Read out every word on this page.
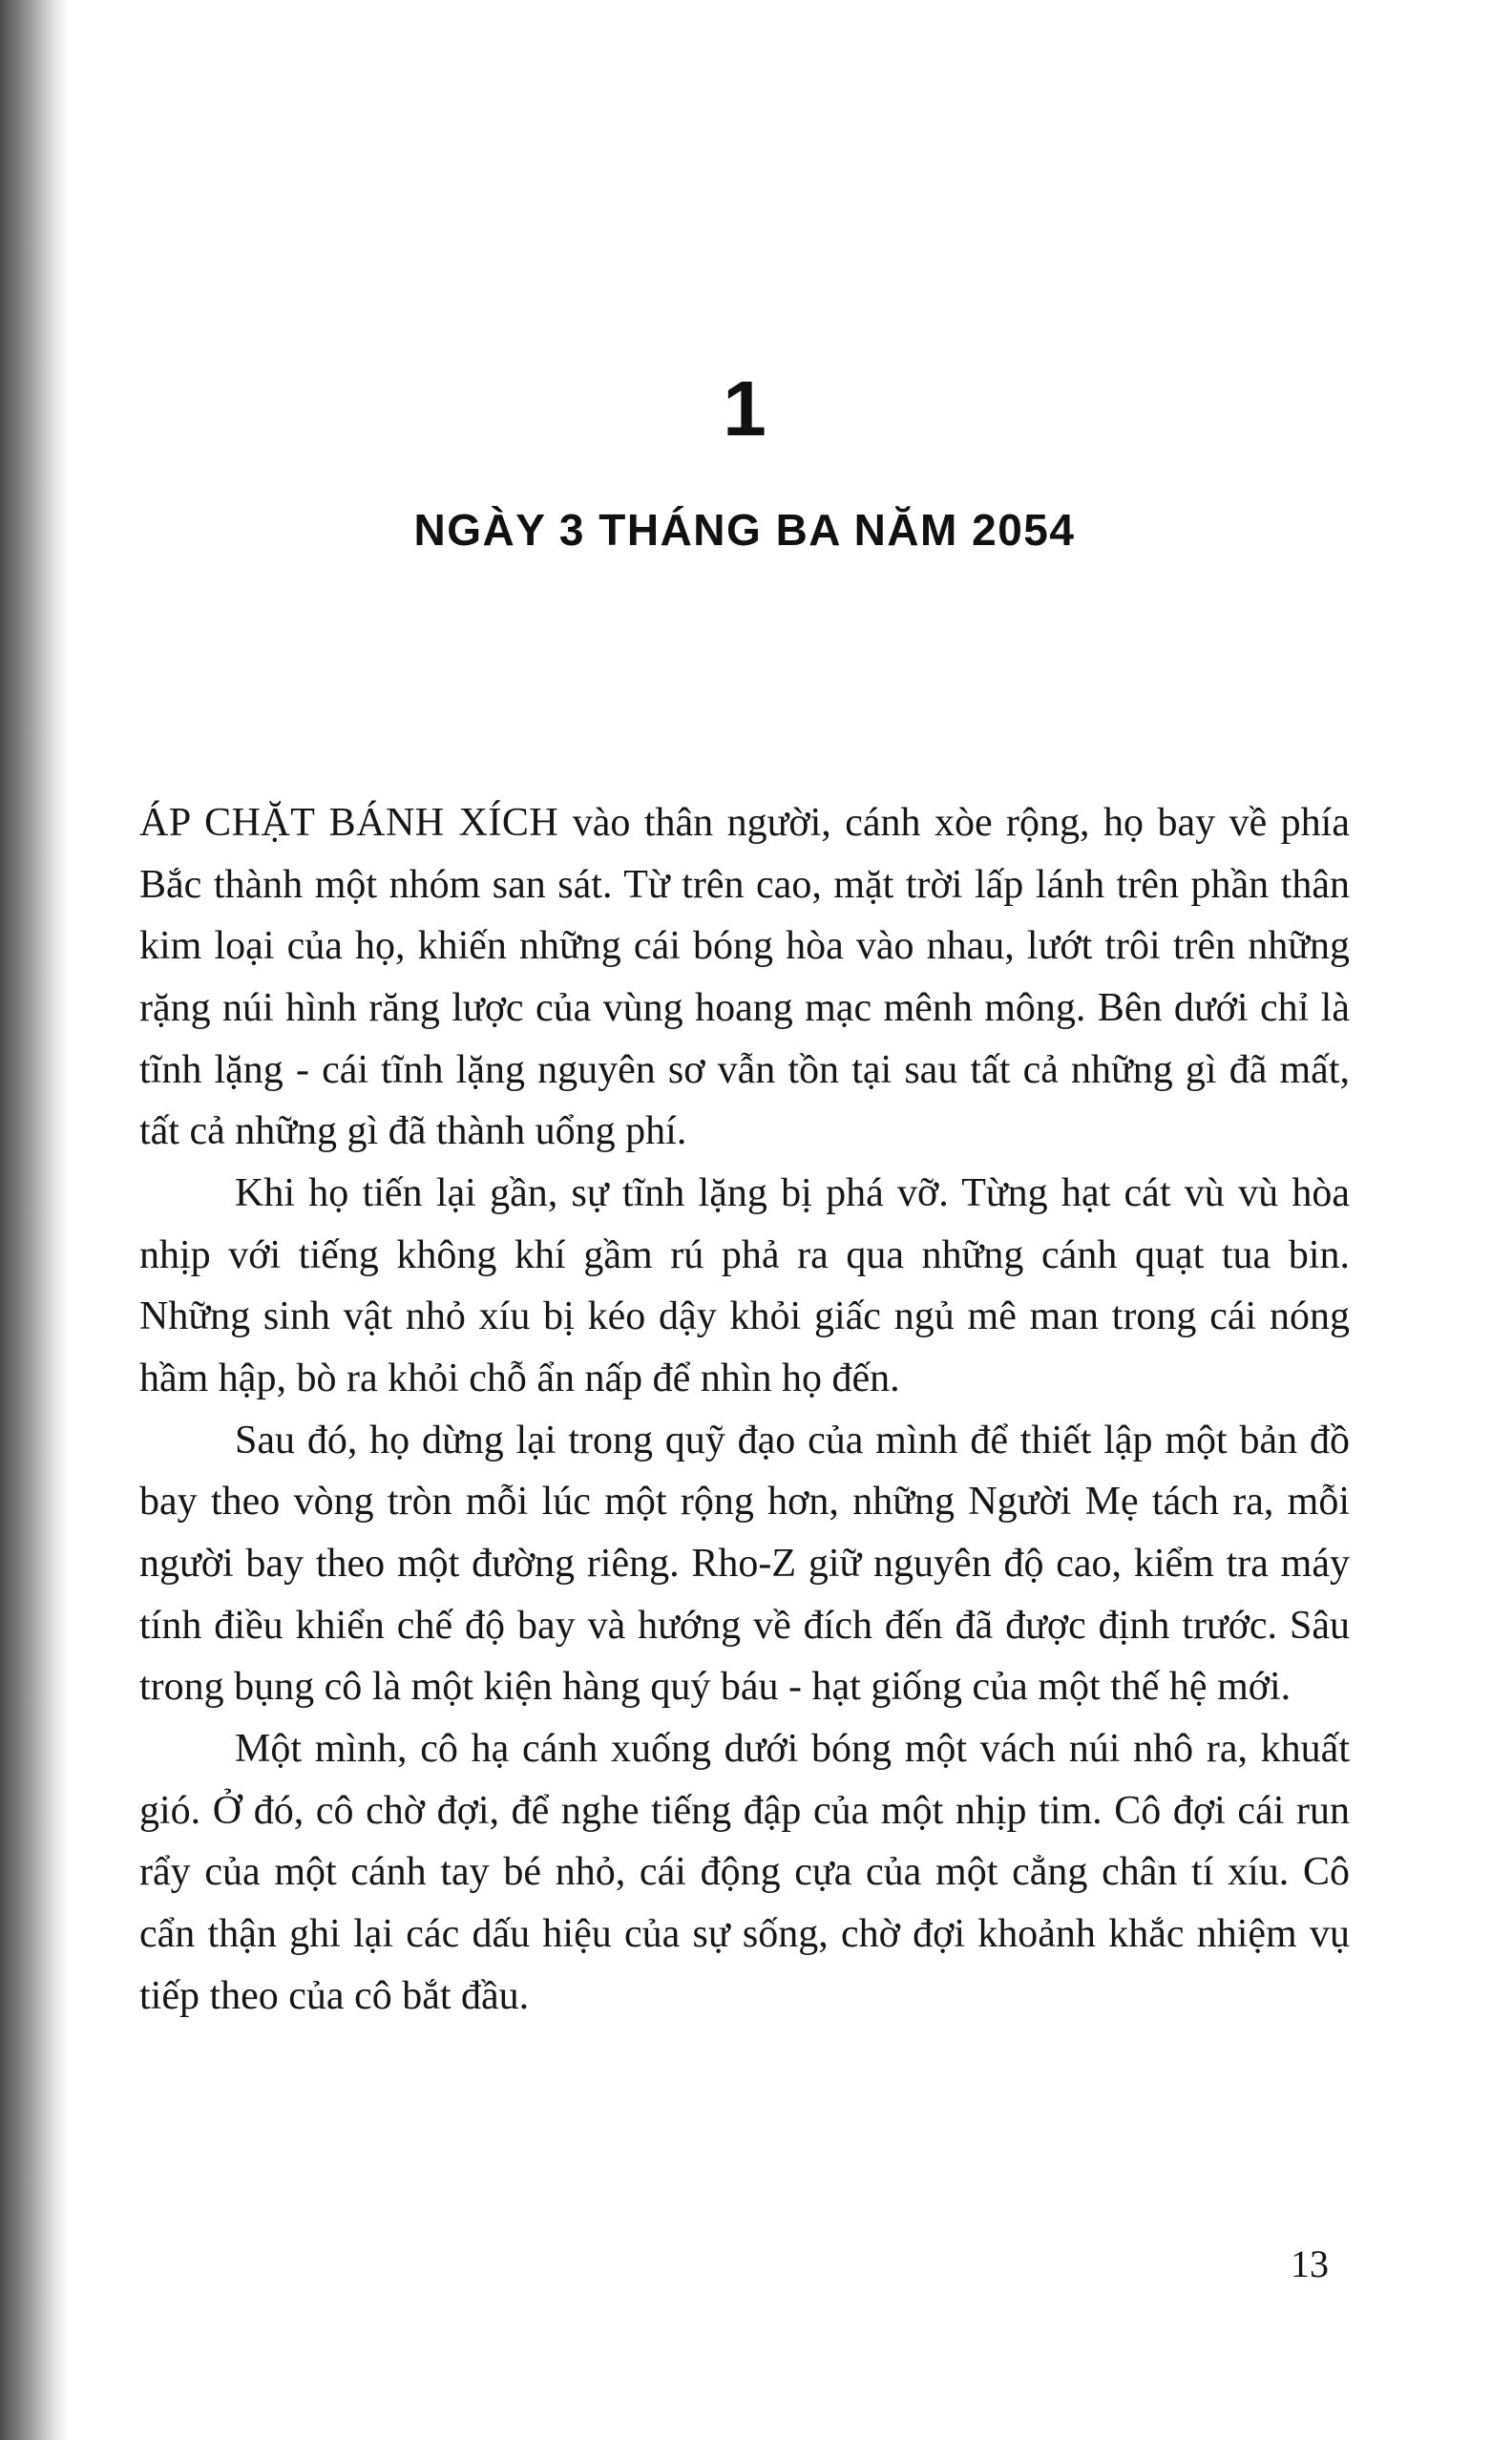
1
NGÀY 3 THÁNG BA NĂM 2054

ÁP CHẶT BÁNH XÍCH vào thân người, cánh xòe rộng, họ bay về phía Bắc thành một nhóm san sát. Từ trên cao, mặt trời lấp lánh trên phần thân kim loại của họ, khiến những cái bóng hòa vào nhau, lướt trôi trên những rặng núi hình răng lược của vùng hoang mạc mênh mông. Bên dưới chỉ là tĩnh lặng - cái tĩnh lặng nguyên sơ vẫn tồn tại sau tất cả những gì đã mất, tất cả những gì đã thành uổng phí.

Khi họ tiến lại gần, sự tĩnh lặng bị phá vỡ. Từng hạt cát vù vù hòa nhịp với tiếng không khí gầm rú phả ra qua những cánh quạt tua bin. Những sinh vật nhỏ xíu bị kéo dậy khỏi giấc ngủ mê man trong cái nóng hầm hập, bò ra khỏi chỗ ẩn nấp để nhìn họ đến.

Sau đó, họ dừng lại trong quỹ đạo của mình để thiết lập một bản đồ bay theo vòng tròn mỗi lúc một rộng hơn, những Người Mẹ tách ra, mỗi người bay theo một đường riêng. Rho-Z giữ nguyên độ cao, kiểm tra máy tính điều khiển chế độ bay và hướng về đích đến đã được định trước. Sâu trong bụng cô là một kiện hàng quý báu - hạt giống của một thế hệ mới.

Một mình, cô hạ cánh xuống dưới bóng một vách núi nhô ra, khuất gió. Ở đó, cô chờ đợi, để nghe tiếng đập của một nhịp tim. Cô đợi cái run rẩy của một cánh tay bé nhỏ, cái động cựa của một cẳng chân tí xíu. Cô cẩn thận ghi lại các dấu hiệu của sự sống, chờ đợi khoảnh khắc nhiệm vụ tiếp theo của cô bắt đầu.

13
